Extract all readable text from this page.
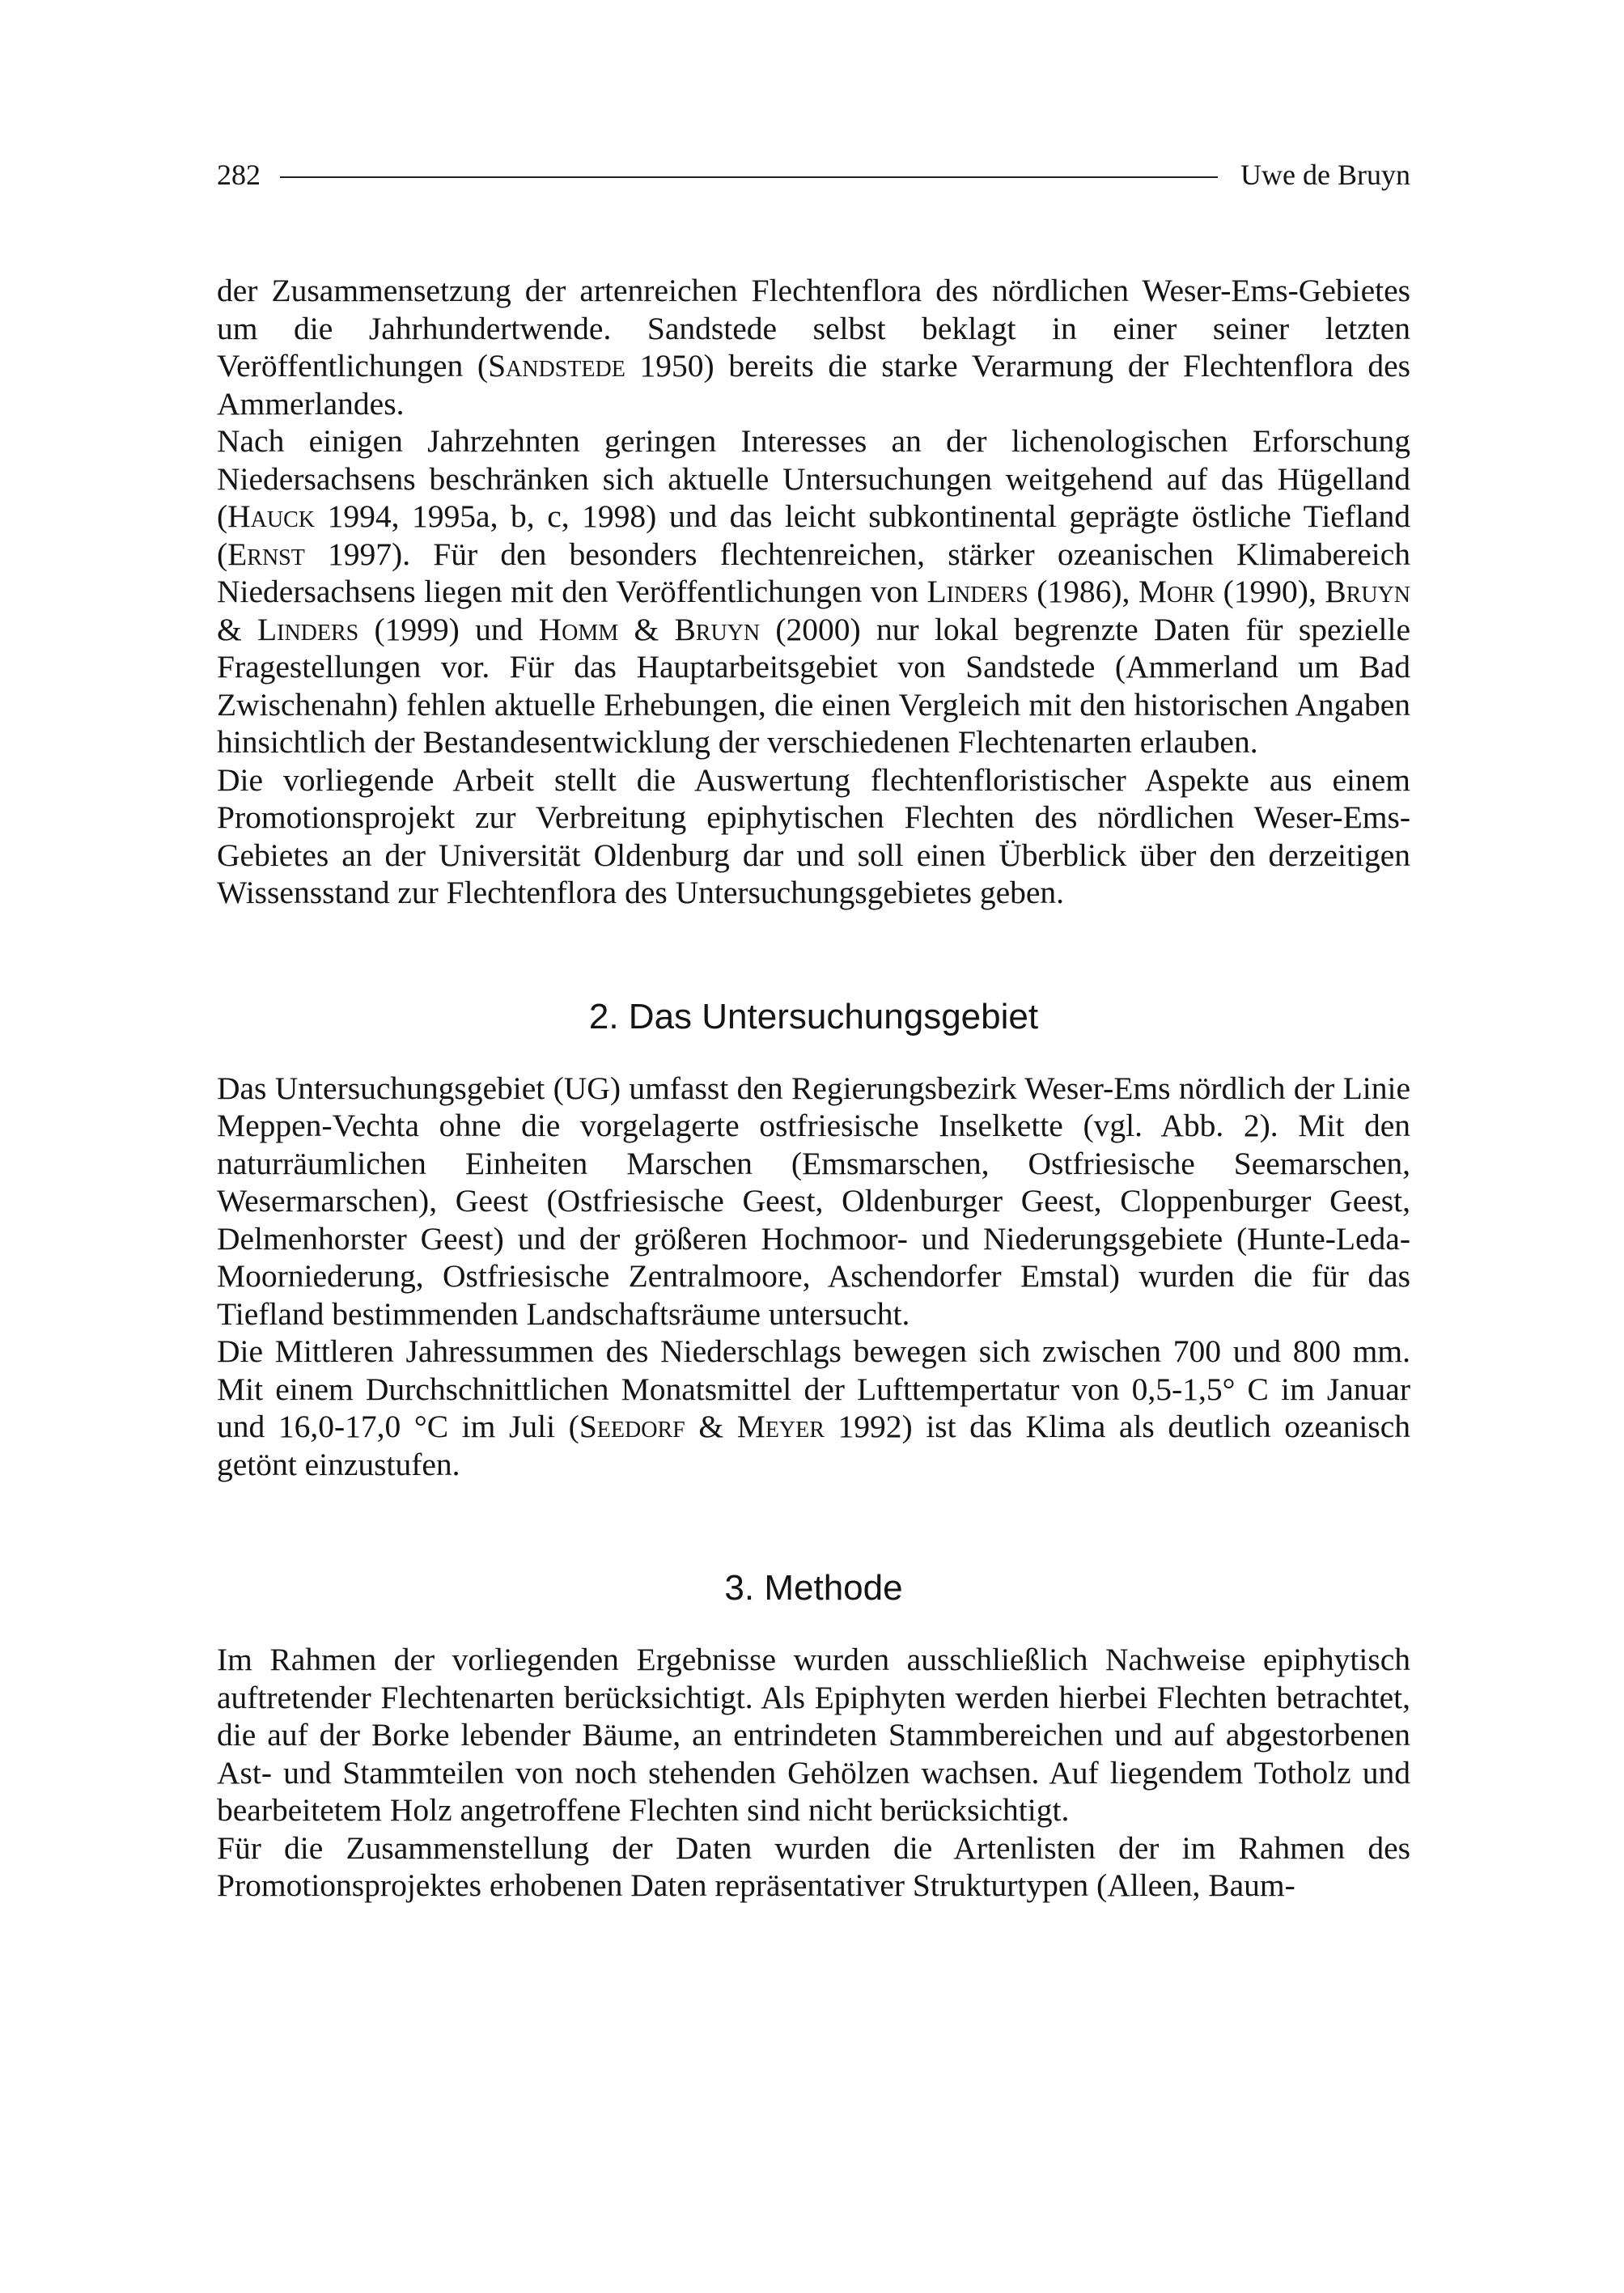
282	Uwe de Bruyn

der Zusammensetzung der artenreichen Flechtenflora des nördlichen Weser-Ems-Gebietes um die Jahrhundertwende. Sandstede selbst beklagt in einer seiner letzten Veröffentlichungen (Sandstede 1950) bereits die starke Verarmung der Flechtenflora des Ammerlandes.

Nach einigen Jahrzehnten geringen Interesses an der lichenologischen Erforschung Niedersachsens beschränken sich aktuelle Untersuchungen weitgehend auf das Hügelland (Hauck 1994, 1995a, b, c, 1998) und das leicht subkontinental geprägte östliche Tiefland (Ernst 1997). Für den besonders flechtenreichen, stärker ozeanischen Klimabereich Niedersachsens liegen mit den Veröffentlichungen von Linders (1986), Mohr (1990), Bruyn & Linders (1999) und Homm & Bruyn (2000) nur lokal begrenzte Daten für spezielle Fragestellungen vor. Für das Hauptarbeitsgebiet von Sandstede (Ammerland um Bad Zwischenahn) fehlen aktuelle Erhebungen, die einen Vergleich mit den historischen Angaben hinsichtlich der Bestandesentwicklung der verschiedenen Flechtenarten erlauben.

Die vorliegende Arbeit stellt die Auswertung flechtenfloristischer Aspekte aus einem Promotionsprojekt zur Verbreitung epiphytischen Flechten des nördlichen Weser-Ems-Gebietes an der Universität Oldenburg dar und soll einen Überblick über den derzeitigen Wissensstand zur Flechtenflora des Untersuchungsgebietes geben.

2. Das Untersuchungsgebiet

Das Untersuchungsgebiet (UG) umfasst den Regierungsbezirk Weser-Ems nördlich der Linie Meppen-Vechta ohne die vorgelagerte ostfriesische Inselkette (vgl. Abb. 2). Mit den naturräumlichen Einheiten Marschen (Emsmarschen, Ostfriesische Seemarschen, Wesermarschen), Geest (Ostfriesische Geest, Oldenburger Geest, Cloppenburger Geest, Delmenhorster Geest) und der größeren Hochmoor- und Niederungsgebiete (Hunte-Leda-Moorniederung, Ostfriesische Zentralmoore, Aschendorfer Emstal) wurden die für das Tiefland bestimmenden Landschaftsräume untersucht.

Die Mittleren Jahressummen des Niederschlags bewegen sich zwischen 700 und 800 mm. Mit einem Durchschnittlichen Monatsmittel der Lufttempertatur von 0,5-1,5° C im Januar und 16,0-17,0 °C im Juli (Seedorf & Meyer 1992) ist das Klima als deutlich ozeanisch getönt einzustufen.

3. Methode

Im Rahmen der vorliegenden Ergebnisse wurden ausschließlich Nachweise epiphytisch auftretender Flechtenarten berücksichtigt. Als Epiphyten werden hierbei Flechten betrachtet, die auf der Borke lebender Bäume, an entrindeten Stammbereichen und auf abgestorbenen Ast- und Stammteilen von noch stehenden Gehölzen wachsen. Auf liegendem Totholz und bearbeitetem Holz angetroffene Flechten sind nicht berücksichtigt.

Für die Zusammenstellung der Daten wurden die Artenlisten der im Rahmen des Promotionsprojektes erhobenen Daten repräsentativer Strukturtypen (Alleen, Baum-
